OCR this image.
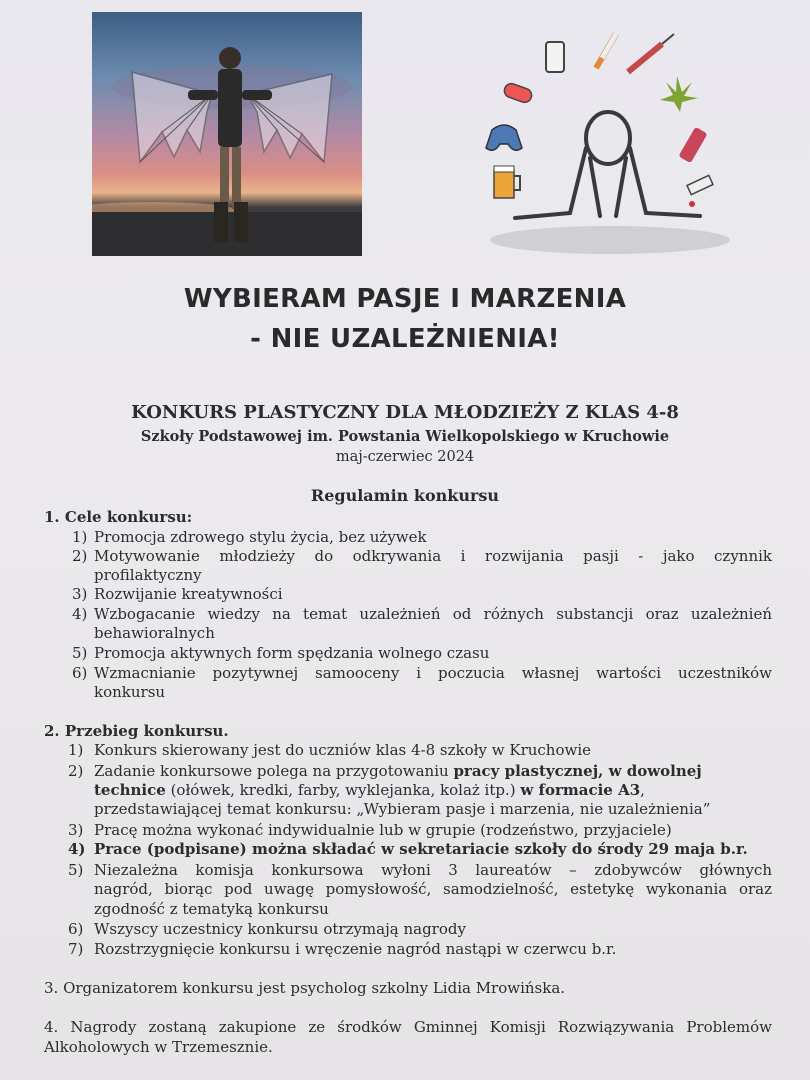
WYBIERAM PASJE I MARZENIA
- NIE UZALEŻNIENIA!
KONKURS PLASTYCZNY DLA MŁODZIEŻY Z KLAS 4-8
Szkoły Podstawowej im. Powstania Wielkopolskiego w Kruchowie
maj-czerwiec 2024
Regulamin konkursu
1. Cele konkursu:
1) Promocja zdrowego stylu życia, bez używek
2) Motywowanie młodzieży do odkrywania i rozwijania pasji - jako czynnik
profilaktyczny
3) Rozwijanie kreatywności
4) Wzbogacanie wiedzy na temat uzależnień od różnych substancji oraz uzależnień
behawioralnych
5) Promocja aktywnych form spędzania wolnego czasu
6) Wzmacnianie pozytywnej samooceny i poczucia własnej wartości uczestników
konkursu
2. Przebieg konkursu.
1) Konkurs skierowany jest do uczniów klas 4-8 szkoły w Kruchowie
2) Zadanie konkursowe polega na przygotowaniu pracy plastycznej, w dowolnej
technice (ołówek, kredki, farby, wyklejanka, kolaż itp.) w formacie A3,
przedstawiającej temat konkursu: „Wybieram pasje i marzenia, nie uzależnienia”
3) Pracę można wykonać indywidualnie lub w grupie (rodzeństwo, przyjaciele)
4) Prace (podpisane) można składać w sekretariacie szkoły do środy 29 maja b.r.
5) Niezależna komisja konkursowa wyłoni 3 laureatów – zdobywców głównych
nagród, biorąc pod uwagę pomysłowość, samodzielność, estetykę wykonania oraz
zgodność z tematyką konkursu
6) Wszyscy uczestnicy konkursu otrzymają nagrody
7) Rozstrzygnięcie konkursu i wręczenie nagród nastąpi w czerwcu b.r.
3. Organizatorem konkursu jest psycholog szkolny Lidia Mrowińska.
4. Nagrody zostaną zakupione ze środków Gminnej Komisji Rozwiązywania Problemów
Alkoholowych w Trzemesznie.
